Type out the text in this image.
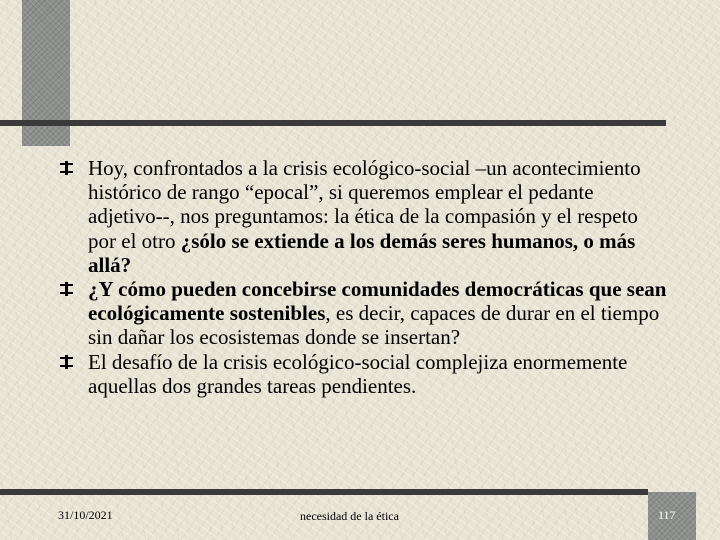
Hoy, confrontados a la crisis ecológico-social –un acontecimiento histórico de rango “epocal”, si queremos emplear el pedante adjetivo--, nos preguntamos: la ética de la compasión y el respeto por el otro ¿sólo se extiende a los demás seres humanos, o más allá?
¿Y cómo pueden concebirse comunidades democráticas que sean ecológicamente sostenibles, es decir, capaces de durar en el tiempo sin dañar los ecosistemas donde se insertan?
El desafío de la crisis ecológico-social complejiza enormemente aquellas dos grandes tareas pendientes.
31/10/2021	necesidad de la ética	117
